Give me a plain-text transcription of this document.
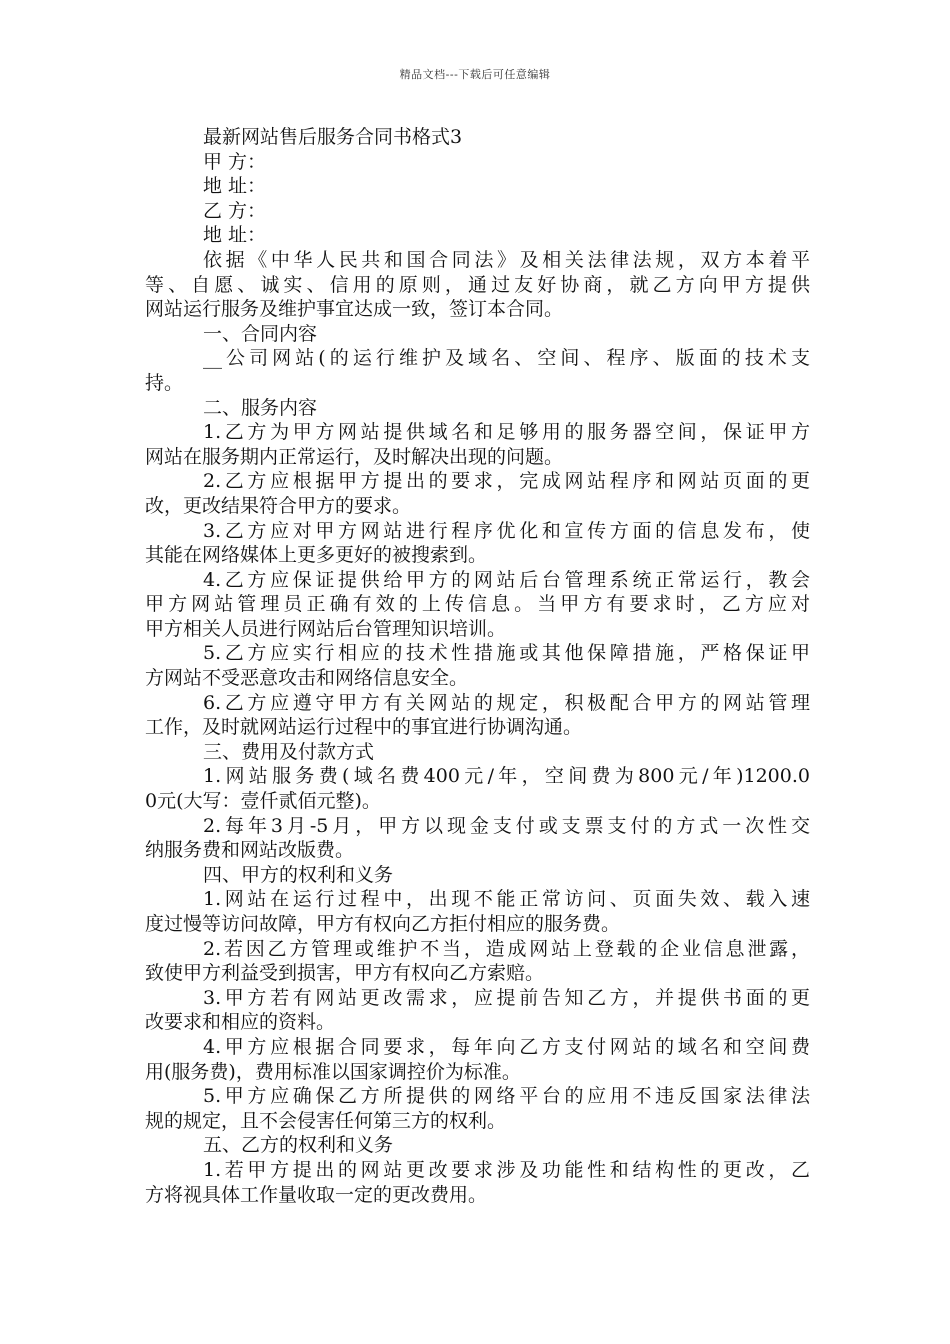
精品文档---下载后可任意编辑
最新网站售后服务合同书格式3
甲 方：
地 址：
乙 方：
地 址：
依据《中华人民共和国合同法》及相关法律法规，双方本着平
等、自愿、诚实、信用的原则，通过友好协商，就乙方向甲方提供
网站运行服务及维护事宜达成一致，签订本合同。
一、合同内容
__公司网站(的运行维护及域名、空间、程序、版面的技术支
持。
二、服务内容
1.乙方为甲方网站提供域名和足够用的服务器空间，保证甲方
网站在服务期内正常运行，及时解决出现的问题。
2.乙方应根据甲方提出的要求，完成网站程序和网站页面的更
改，更改结果符合甲方的要求。
3.乙方应对甲方网站进行程序优化和宣传方面的信息发布，使
其能在网络媒体上更多更好的被搜索到。
4.乙方应保证提供给甲方的网站后台管理系统正常运行，教会
甲方网站管理员正确有效的上传信息。当甲方有要求时，乙方应对
甲方相关人员进行网站后台管理知识培训。
5.乙方应实行相应的技术性措施或其他保障措施，严格保证甲
方网站不受恶意攻击和网络信息安全。
6.乙方应遵守甲方有关网站的规定，积极配合甲方的网站管理
工作，及时就网站运行过程中的事宜进行协调沟通。
三、费用及付款方式
1.网站服务费(域名费400元/年，空间费为800元/年)1200.0
0元(大写：壹仟贰佰元整)。
2.每年3月-5月，甲方以现金支付或支票支付的方式一次性交
纳服务费和网站改版费。
四、甲方的权利和义务
1.网站在运行过程中，出现不能正常访问、页面失效、载入速
度过慢等访问故障，甲方有权向乙方拒付相应的服务费。
2.若因乙方管理或维护不当，造成网站上登载的企业信息泄露，
致使甲方利益受到损害，甲方有权向乙方索赔。
3.甲方若有网站更改需求，应提前告知乙方，并提供书面的更
改要求和相应的资料。
4.甲方应根据合同要求，每年向乙方支付网站的域名和空间费
用(服务费)，费用标准以国家调控价为标准。
5.甲方应确保乙方所提供的网络平台的应用不违反国家法律法
规的规定，且不会侵害任何第三方的权利。
五、乙方的权利和义务
1.若甲方提出的网站更改要求涉及功能性和结构性的更改，乙
方将视具体工作量收取一定的更改费用。
